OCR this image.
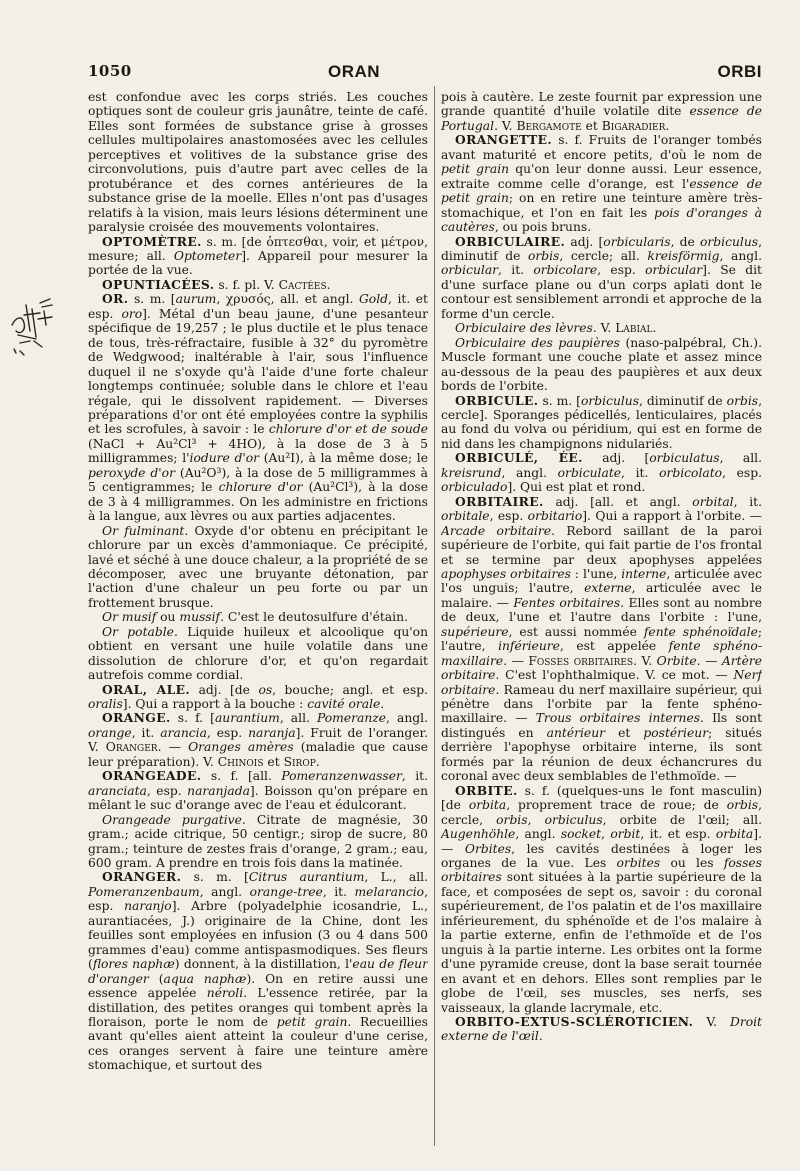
1050	ORAN	ORBI

est confondue avec les corps striés. Les couches optiques sont de couleur gris jaunâtre, teinte de café. Elles sont formées de substance grise à grosses cellules multipolaires anastomosées avec les cellules perceptives et volitives de la substance grise des circonvolutions, puis d'autre part avec celles de la protubérance et des cornes antérieures de la substance grise de la moelle. Elles n'ont pas d'usages relatifs à la vision, mais leurs lésions déterminent une paralysie croisée des mouvements volontaires.

OPTOMÈTRE. s. m. [de ὀπτεσθαι, voir, et μέτρον, mesure; all. Optometer]. Appareil pour mesurer la portée de la vue.

OPUNTIACÉES. s. f. pl. V. Cactées.

OR. s. m. [aurum, χρυσός, all. et angl. Gold, it. et esp. oro]. Métal d'un beau jaune, d'une pesanteur spécifique de 19,257 ; le plus ductile et le plus tenace de tous, très-réfractaire, fusible à 32° du pyromètre de Wedgwood; inaltérable à l'air, sous l'influence duquel il ne s'oxyde qu'à l'aide d'une forte chaleur longtemps continuée; soluble dans le chlore et l'eau régale, qui le dissolvent rapidement. — Diverses préparations d'or ont été employées contre la syphilis et les scrofules, à savoir : le chlorure d'or et de soude (NaCl + Au²Cl³ + 4HO), à la dose de 3 à 5 milligrammes; l'iodure d'or (Au²I), à la même dose; le peroxyde d'or (Au²O³), à la dose de 5 milligrammes à 5 centigrammes; le chlorure d'or (Au²Cl³), à la dose de 3 à 4 milligrammes. On les administre en frictions à la langue, aux lèvres ou aux parties adjacentes.

Or fulminant. Oxyde d'or obtenu en précipitant le chlorure par un excès d'ammoniaque. Ce précipité, lavé et séché à une douce chaleur, a la propriété de se décomposer, avec une bruyante détonation, par l'action d'une chaleur un peu forte ou par un frottement brusque.

Or musif ou mussif. C'est le deutosulfure d'étain.

Or potable. Liquide huileux et alcoolique qu'on obtient en versant une huile volatile dans une dissolution de chlorure d'or, et qu'on regardait autrefois comme cordial.

ORAL, ALE. adj. [de os, bouche; angl. et esp. oralis]. Qui a rapport à la bouche : cavité orale.

ORANGE. s. f. [aurantium, all. Pomeranze, angl. orange, it. arancia, esp. naranja]. Fruit de l'oranger. V. Oranger. — Oranges amères (maladie que cause leur préparation). V. Chinois et Sirop.

ORANGEADE. s. f. [all. Pomeranzenwasser, it. aranciata, esp. naranjada]. Boisson qu'on prépare en mêlant le suc d'orange avec de l'eau et édulcorant.

Orangeade purgative. Citrate de magnésie, 30 gram.; acide citrique, 50 centigr.; sirop de sucre, 80 gram.; teinture de zestes frais d'orange, 2 gram.; eau, 600 gram. A prendre en trois fois dans la matinée.

ORANGER. s. m. [Citrus aurantium, L., all. Pomeranzenbaum, angl. orange-tree, it. melarancio, esp. naranjo]. Arbre (polyadelphie icosandrie, L., aurantiacées, J.) originaire de la Chine, dont les feuilles sont employées en infusion (3 ou 4 dans 500 grammes d'eau) comme antispasmodiques. Ses fleurs (flores naphæ) donnent, à la distillation, l'eau de fleur d'oranger (aqua naphæ). On en retire aussi une essence appelée néroli. L'essence retirée, par la distillation, des petites oranges qui tombent après la floraison, porte le nom de petit grain. Recueillies avant qu'elles aient atteint la couleur d'une cerise, ces oranges servent à faire une teinture amère stomachique, et surtout des

pois à cautère. Le zeste fournit par expression une grande quantité d'huile volatile dite essence de Portugal. V. Bergamote et Bigaradier.

ORANGETTE. s. f. Fruits de l'oranger tombés avant maturité et encore petits, d'où le nom de petit grain qu'on leur donne aussi. Leur essence, extraite comme celle d'orange, est l'essence de petit grain; on en retire une teinture amère très-stomachique, et l'on en fait les pois d'oranges à cautères, ou pois bruns.

ORBICULAIRE. adj. [orbicularis, de orbiculus, diminutif de orbis, cercle; all. kreisförmig, angl. orbicular, it. orbicolare, esp. orbicular]. Se dit d'une surface plane ou d'un corps aplati dont le contour est sensiblement arrondi et approche de la forme d'un cercle.

Orbiculaire des lèvres. V. Labial.

Orbiculaire des paupières (naso-palpébral, Ch.). Muscle formant une couche plate et assez mince au-dessous de la peau des paupières et aux deux bords de l'orbite.

ORBICULE. s. m. [orbiculus, diminutif de orbis, cercle]. Sporanges pédicellés, lenticulaires, placés au fond du volva ou péridium, qui est en forme de nid dans les champignons nidulariés.

ORBICULÉ, ÉE. adj. [orbiculatus, all. kreisrund, angl. orbiculate, it. orbicolato, esp. orbiculado]. Qui est plat et rond.

ORBITAIRE. adj. [all. et angl. orbital, it. orbitale, esp. orbitario]. Qui a rapport à l'orbite. — Arcade orbitaire. Rebord saillant de la paroi supérieure de l'orbite, qui fait partie de l'os frontal et se termine par deux apophyses appelées apophyses orbitaires : l'une, interne, articulée avec l'os unguis; l'autre, externe, articulée avec le malaire. — Fentes orbitaires. Elles sont au nombre de deux, l'une et l'autre dans l'orbite : l'une, supérieure, est aussi nommée fente sphénoïdale; l'autre, inférieure, est appelée fente sphéno-maxillaire. — Fosses orbitaires. V. Orbite. — Artère orbitaire. C'est l'ophthalmique. V. ce mot. — Nerf orbitaire. Rameau du nerf maxillaire supérieur, qui pénètre dans l'orbite par la fente sphéno-maxillaire. — Trous orbitaires internes. Ils sont distingués en antérieur et postérieur; situés derrière l'apophyse orbitaire interne, ils sont formés par la réunion de deux échancrures du coronal avec deux semblables de l'ethmoïde. —

ORBITE. s. f. (quelques-uns le font masculin) [de orbita, proprement trace de roue; de orbis, cercle, orbis, orbiculus, orbite de l'œil; all. Augenhöhle, angl. socket, orbit, it. et esp. orbita]. — Orbites, les cavités destinées à loger les organes de la vue. Les orbites ou les fosses orbitaires sont situées à la partie supérieure de la face, et composées de sept os, savoir : du coronal supérieurement, de l'os palatin et de l'os maxillaire inférieurement, du sphénoïde et de l'os malaire à la partie externe, enfin de l'ethmoïde et de l'os unguis à la partie interne. Les orbites ont la forme d'une pyramide creuse, dont la base serait tournée en avant et en dehors. Elles sont remplies par le globe de l'œil, ses muscles, ses nerfs, ses vaisseaux, la glande lacrymale, etc.

ORBITO-EXTUS-SCLÉROTICIEN. V. Droit externe de l'œil.
